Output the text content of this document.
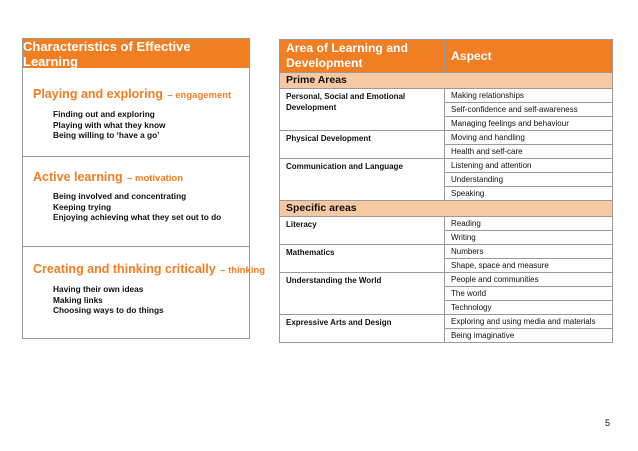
Characteristics of Effective Learning
Playing and exploring – engagement
Finding out and exploring
Playing with what they know
Being willing to ‘have a go’
Active learning – motivation
Being involved and concentrating
Keeping trying
Enjoying achieving what they set out to do
Creating and thinking critically – thinking
Having their own ideas
Making links
Choosing ways to do things
Area of Learning and Development	Aspect
Prime Areas	
Personal, Social and Emotional Development	Making relationships
	Self-confidence and self-awareness
	Managing feelings and behaviour
Physical Development	Moving and handling
	Health and self-care
Communication and Language	Listening and attention
	Understanding
	Speaking
Specific areas	
Literacy	Reading
	Writing
Mathematics	Numbers
	Shape, space and measure
Understanding the World	People and communities
	The world
	Technology
Expressive Arts and Design	Exploring and using media and materials
	Being imaginative
5
